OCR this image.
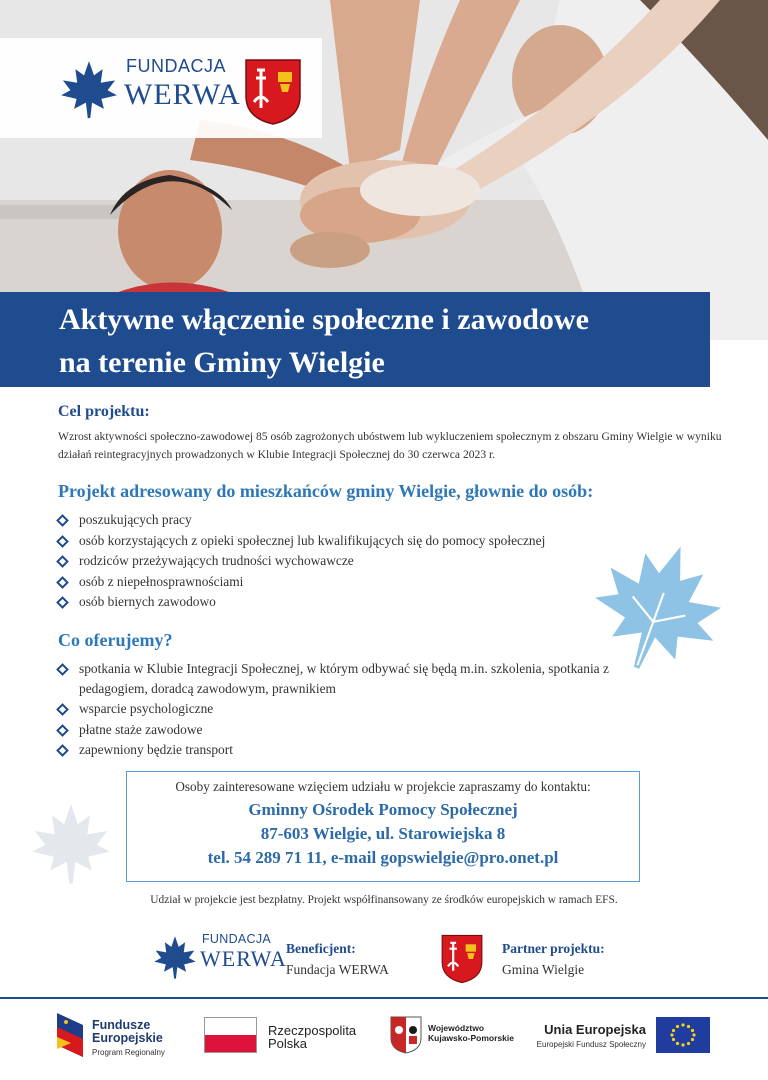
FUNDACJA
WERWA
Aktywne włączenie społeczne i zawodowe
na terenie Gminy Wielgie
Cel projektu:

Wzrost aktywności społeczno-zawodowej 85 osób zagrożonych ubóstwem lub wykluczeniem społecznym z obszaru Gminy Wielgie w wyniku działań reintegracyjnych prowadzonych w Klubie Integracji Społecznej do 30 czerwca 2023 r.

Projekt adresowany do mieszkańców gminy Wielgie, głownie do osób:
poszukujących pracy
osób korzystających z opieki społecznej lub kwalifikujących się do pomocy społecznej
rodziców przeżywających trudności wychowawcze
osób z niepełnosprawnościami
osób biernych zawodowo
Co oferujemy?
spotkania w Klubie Integracji Społecznej, w którym odbywać się będą m.in. szkolenia, spotkania z pedagogiem, doradcą zawodowym, prawnikiem
wsparcie psychologiczne
płatne staże zawodowe
zapewniony będzie transport
Osoby zainteresowane wzięciem udziału w projekcie zapraszamy do kontaktu:
Gminny Ośrodek Pomocy Społecznej
87-603 Wielgie, ul. Starowiejska 8
tel. 54 289 71 11, e-mail gopswielgie@pro.onet.pl
Udział w projekcie jest bezpłatny. Projekt współfinansowany ze środków europejskich w ramach EFS.
FUNDACJA
WERWA Beneficjent:
Fundacja WERWA
Partner projektu:
Gmina Wielgie
Fundusze
Europejskie
Program Regionalny
Rzeczpospolita
Polska
Województwo
Kujawsko-Pomorskie
Unia Europejska
Europejski Fundusz Społeczny
